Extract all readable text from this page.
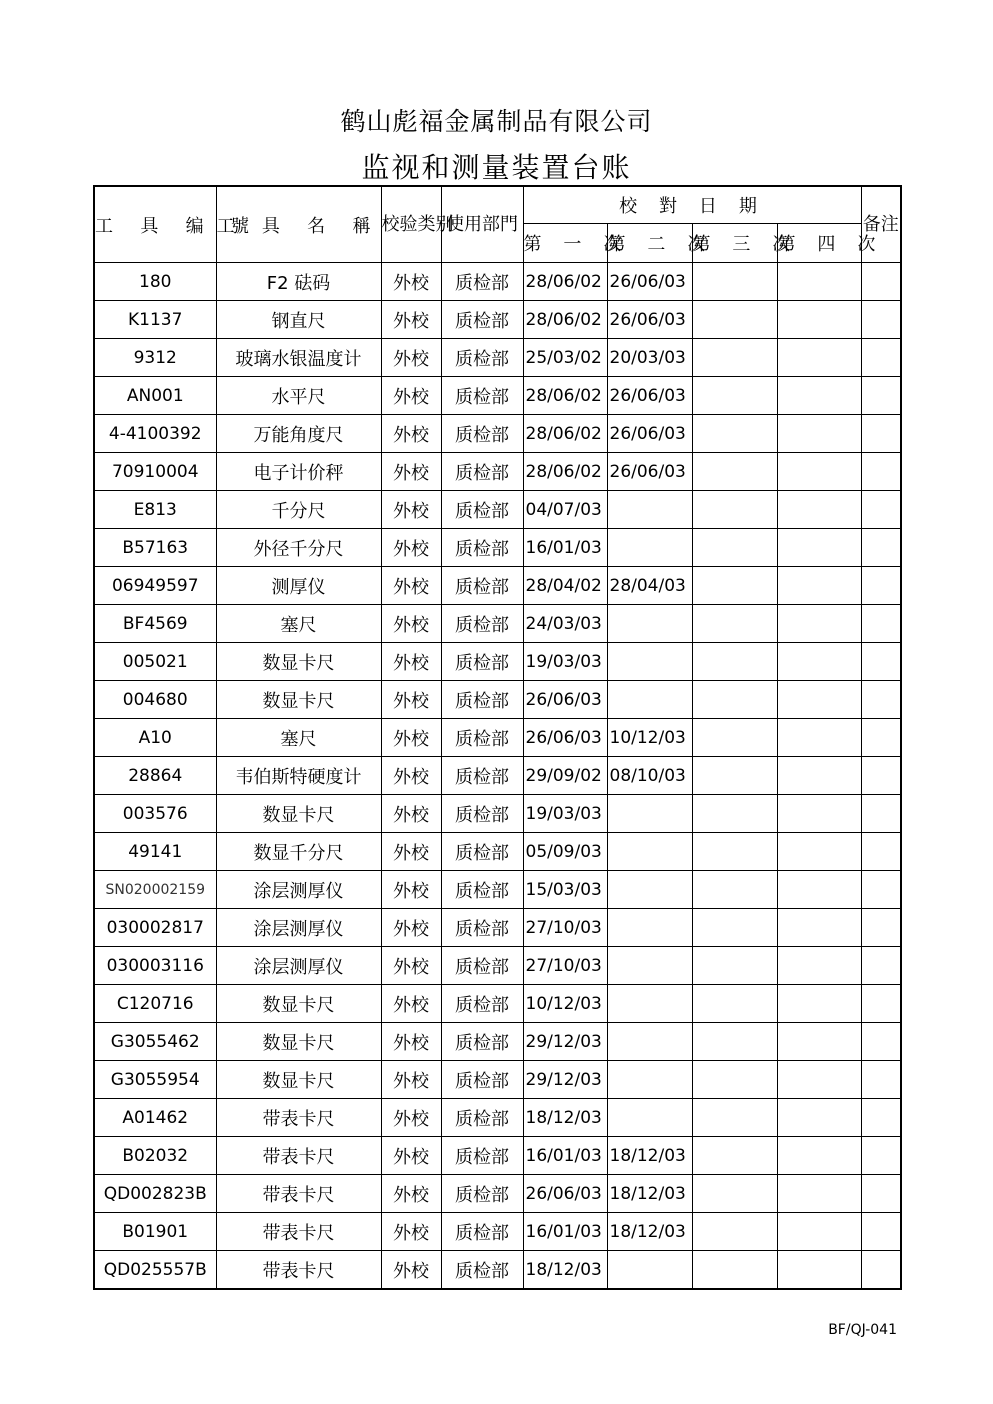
鹤山彪福金属制品有限公司
监视和测量装置台账
工 具 编 號	工 具 名 稱	校验类别	使用部門	校 對 日 期				备注
				第 一 次	第 二 次	第 三 次	第 四 次	
180	F2 砝码	外校	质检部	28/06/02	26/06/03			
K1137	钢直尺	外校	质检部	28/06/02	26/06/03			
9312	玻璃水银温度计	外校	质检部	25/03/02	20/03/03			
AN001	水平尺	外校	质检部	28/06/02	26/06/03			
4-4100392	万能角度尺	外校	质检部	28/06/02	26/06/03			
70910004	电子计价秤	外校	质检部	28/06/02	26/06/03			
E813	千分尺	外校	质检部	04/07/03				
B57163	外径千分尺	外校	质检部	16/01/03				
06949597	测厚仪	外校	质检部	28/04/02	28/04/03			
BF4569	塞尺	外校	质检部	24/03/03				
005021	数显卡尺	外校	质检部	19/03/03				
004680	数显卡尺	外校	质检部	26/06/03				
A10	塞尺	外校	质检部	26/06/03	10/12/03			
28864	韦伯斯特硬度计	外校	质检部	29/09/02	08/10/03			
003576	数显卡尺	外校	质检部	19/03/03				
49141	数显千分尺	外校	质检部	05/09/03				
SN020002159	涂层测厚仪	外校	质检部	15/03/03				
030002817	涂层测厚仪	外校	质检部	27/10/03				
030003116	涂层测厚仪	外校	质检部	27/10/03				
C120716	数显卡尺	外校	质检部	10/12/03				
G3055462	数显卡尺	外校	质检部	29/12/03				
G3055954	数显卡尺	外校	质检部	29/12/03				
A01462	带表卡尺	外校	质检部	18/12/03				
B02032	带表卡尺	外校	质检部	16/01/03	18/12/03			
QD002823B	带表卡尺	外校	质检部	26/06/03	18/12/03			
B01901	带表卡尺	外校	质检部	16/01/03	18/12/03			
QD025557B	带表卡尺	外校	质检部	18/12/03				
BF/QJ-041
